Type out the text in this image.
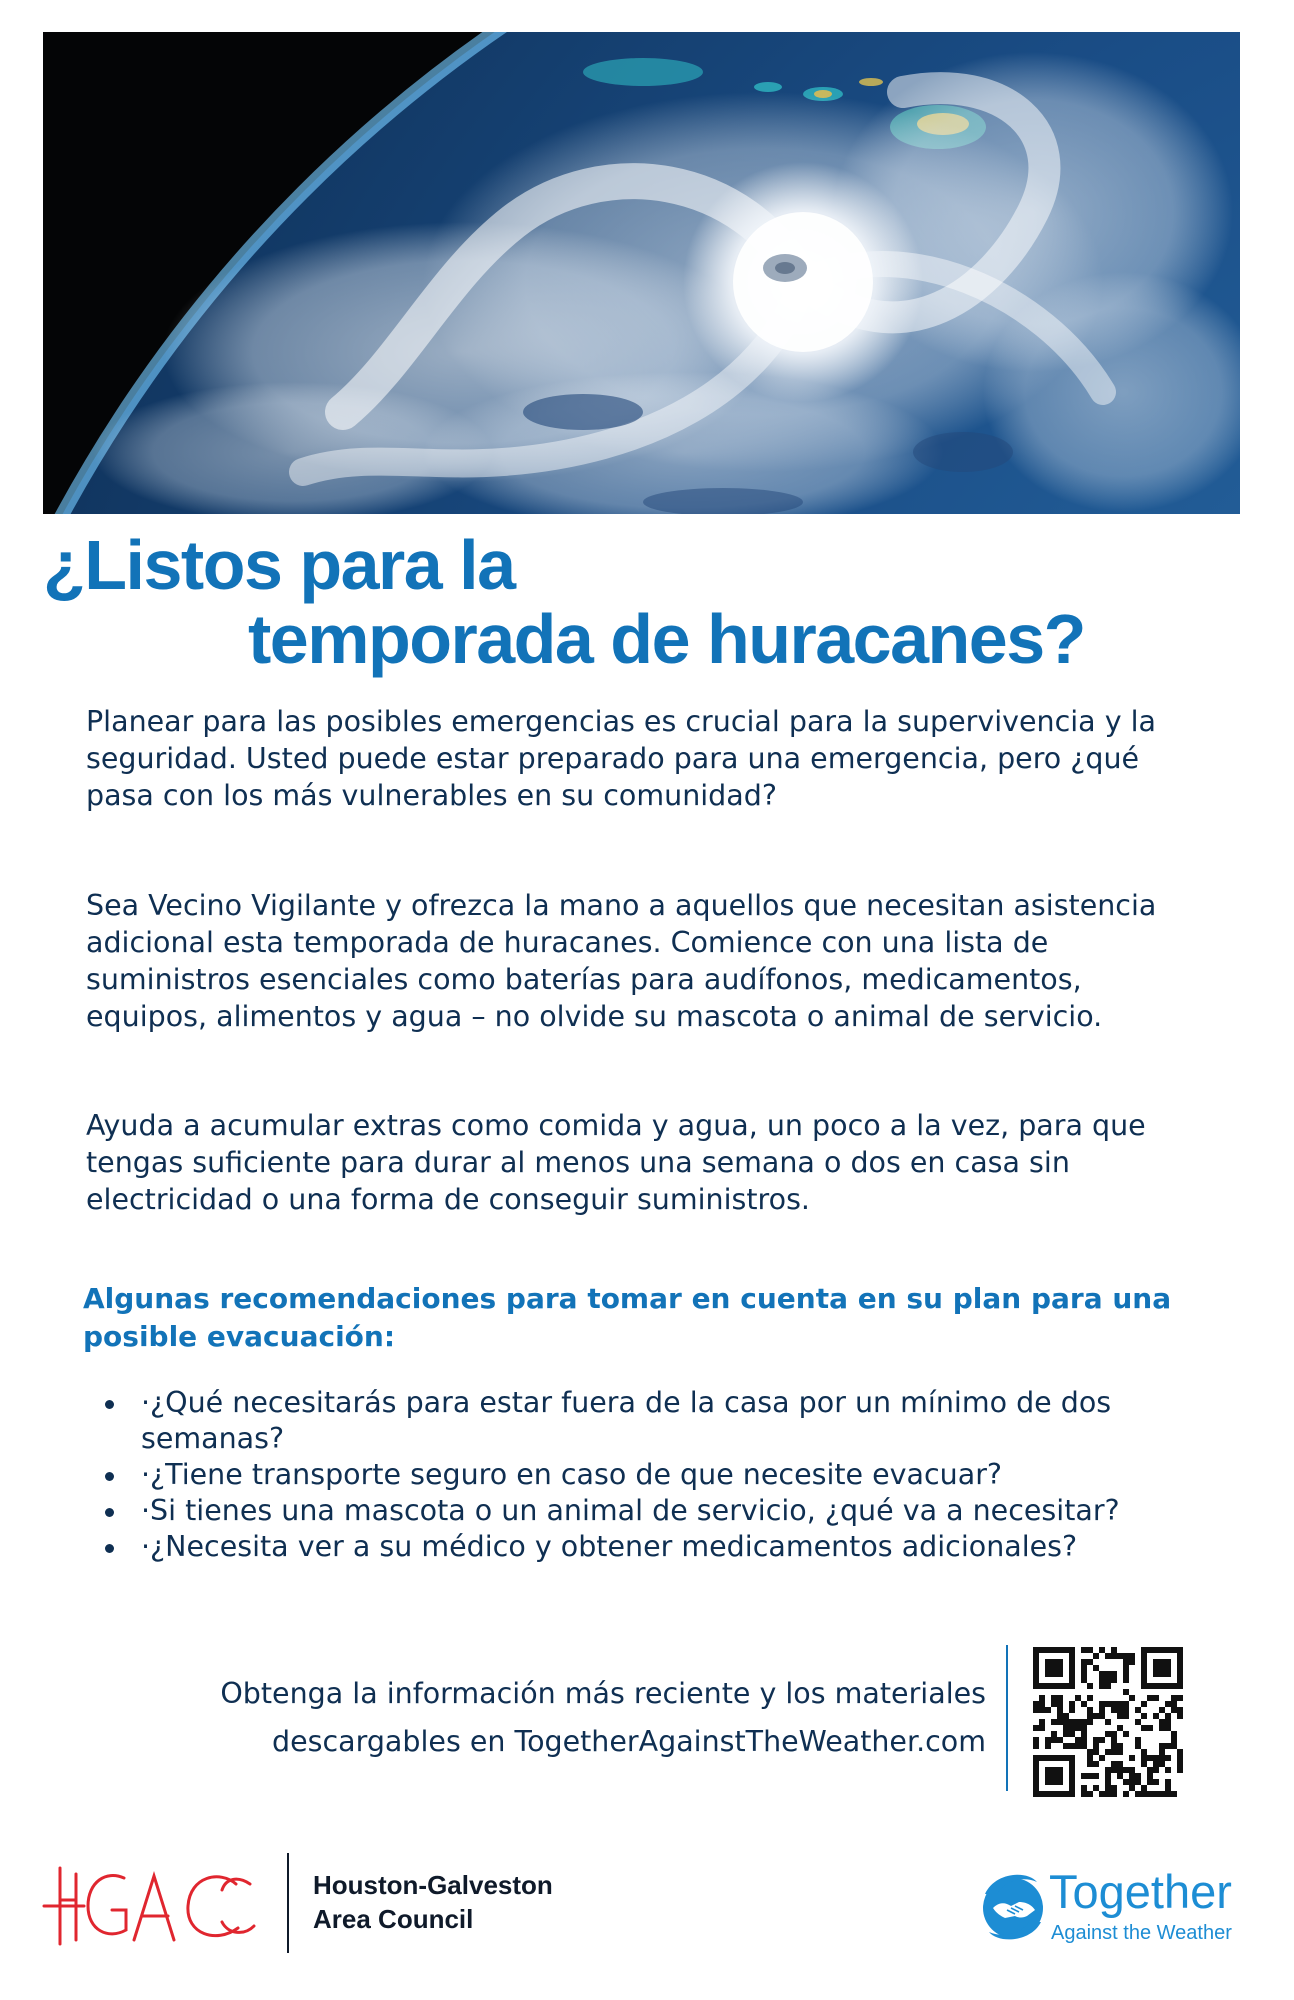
¿Listos para la
temporada de huracanes?

Planear para las posibles emergencias es crucial para la supervivencia y la seguridad. Usted puede estar preparado para una emergencia, pero ¿qué pasa con los más vulnerables en su comunidad?

Sea Vecino Vigilante y ofrezca la mano a aquellos que necesitan asistencia adicional esta temporada de huracanes. Comience con una lista de suministros esenciales como baterías para audífonos, medicamentos, equipos, alimentos y agua – no olvide su mascota o animal de servicio.

Ayuda a acumular extras como comida y agua, un poco a la vez, para que tengas suficiente para durar al menos una semana o dos en casa sin electricidad o una forma de conseguir suministros.

Algunas recomendaciones para tomar en cuenta en su plan para una posible evacuación:
·¿Qué necesitarás para estar fuera de la casa por un mínimo de dos semanas?
·¿Tiene transporte seguro en caso de que necesite evacuar?
·Si tienes una mascota o un animal de servicio, ¿qué va a necesitar?
·¿Necesita ver a su médico y obtener medicamentos adicionales?

Obtenga la información más reciente y los materiales
descargables en TogetherAgainstTheWeather.com

Houston-Galveston
Area Council

Together

Against the Weather
